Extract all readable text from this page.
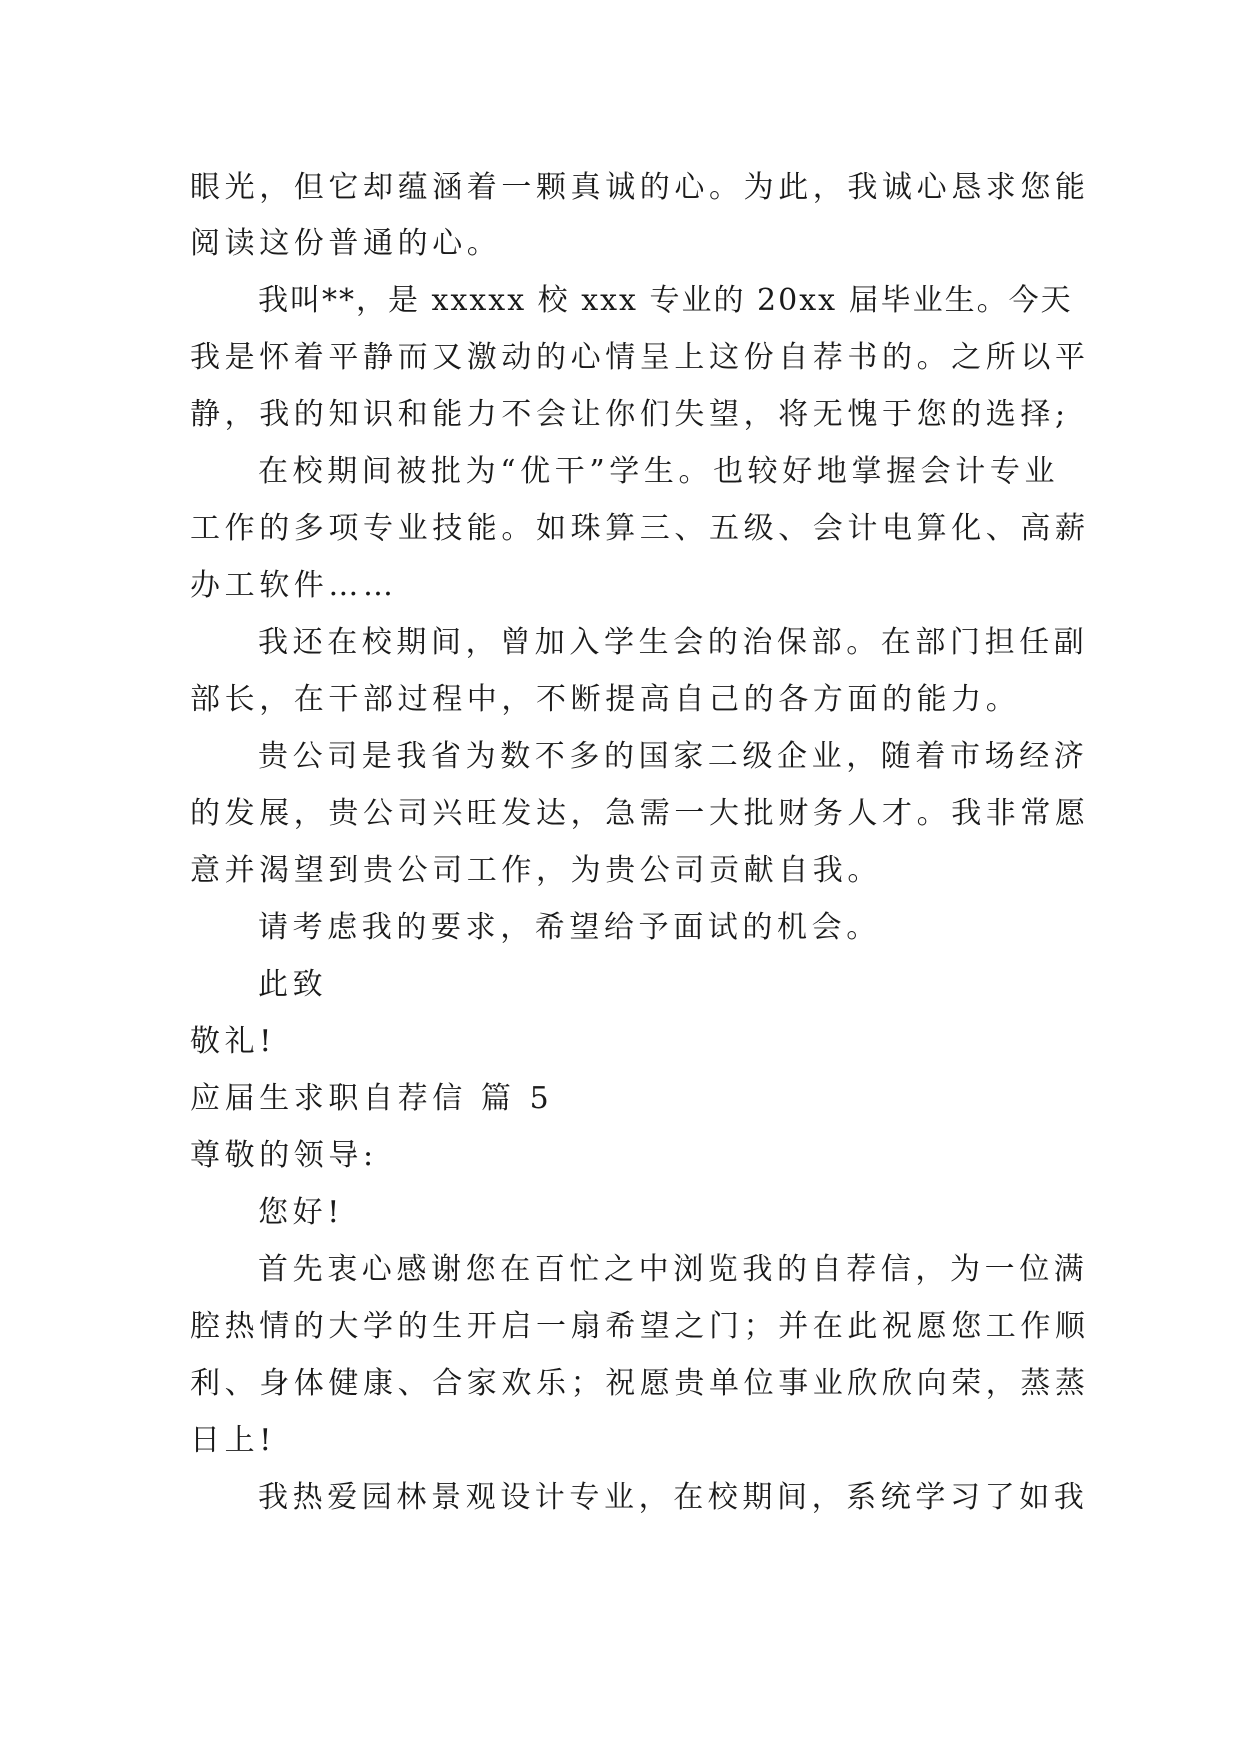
眼光，但它却蕴涵着一颗真诚的心。为此，我诚心恳求您能
阅读这份普通的心。
我叫**，是 xxxxx 校 xxx 专业的 20xx 届毕业生。今天
我是怀着平静而又激动的心情呈上这份自荐书的。之所以平
静，我的知识和能力不会让你们失望，将无愧于您的选择;
在校期间被批为“优干”学生。也较好地掌握会计专业
工作的多项专业技能。如珠算三、五级、会计电算化、高薪
办工软件……
我还在校期间，曾加入学生会的治保部。在部门担任副
部长，在干部过程中，不断提高自己的各方面的能力。
贵公司是我省为数不多的国家二级企业，随着市场经济
的发展，贵公司兴旺发达，急需一大批财务人才。我非常愿
意并渴望到贵公司工作，为贵公司贡献自我。
请考虑我的要求，希望给予面试的机会。
此致
敬礼!
应届生求职自荐信 篇 5
尊敬的领导:
您好!
首先衷心感谢您在百忙之中浏览我的自荐信，为一位满
腔热情的大学的生开启一扇希望之门；并在此祝愿您工作顺
利、身体健康、合家欢乐；祝愿贵单位事业欣欣向荣，蒸蒸
日上!
我热爱园林景观设计专业，在校期间，系统学习了如我
